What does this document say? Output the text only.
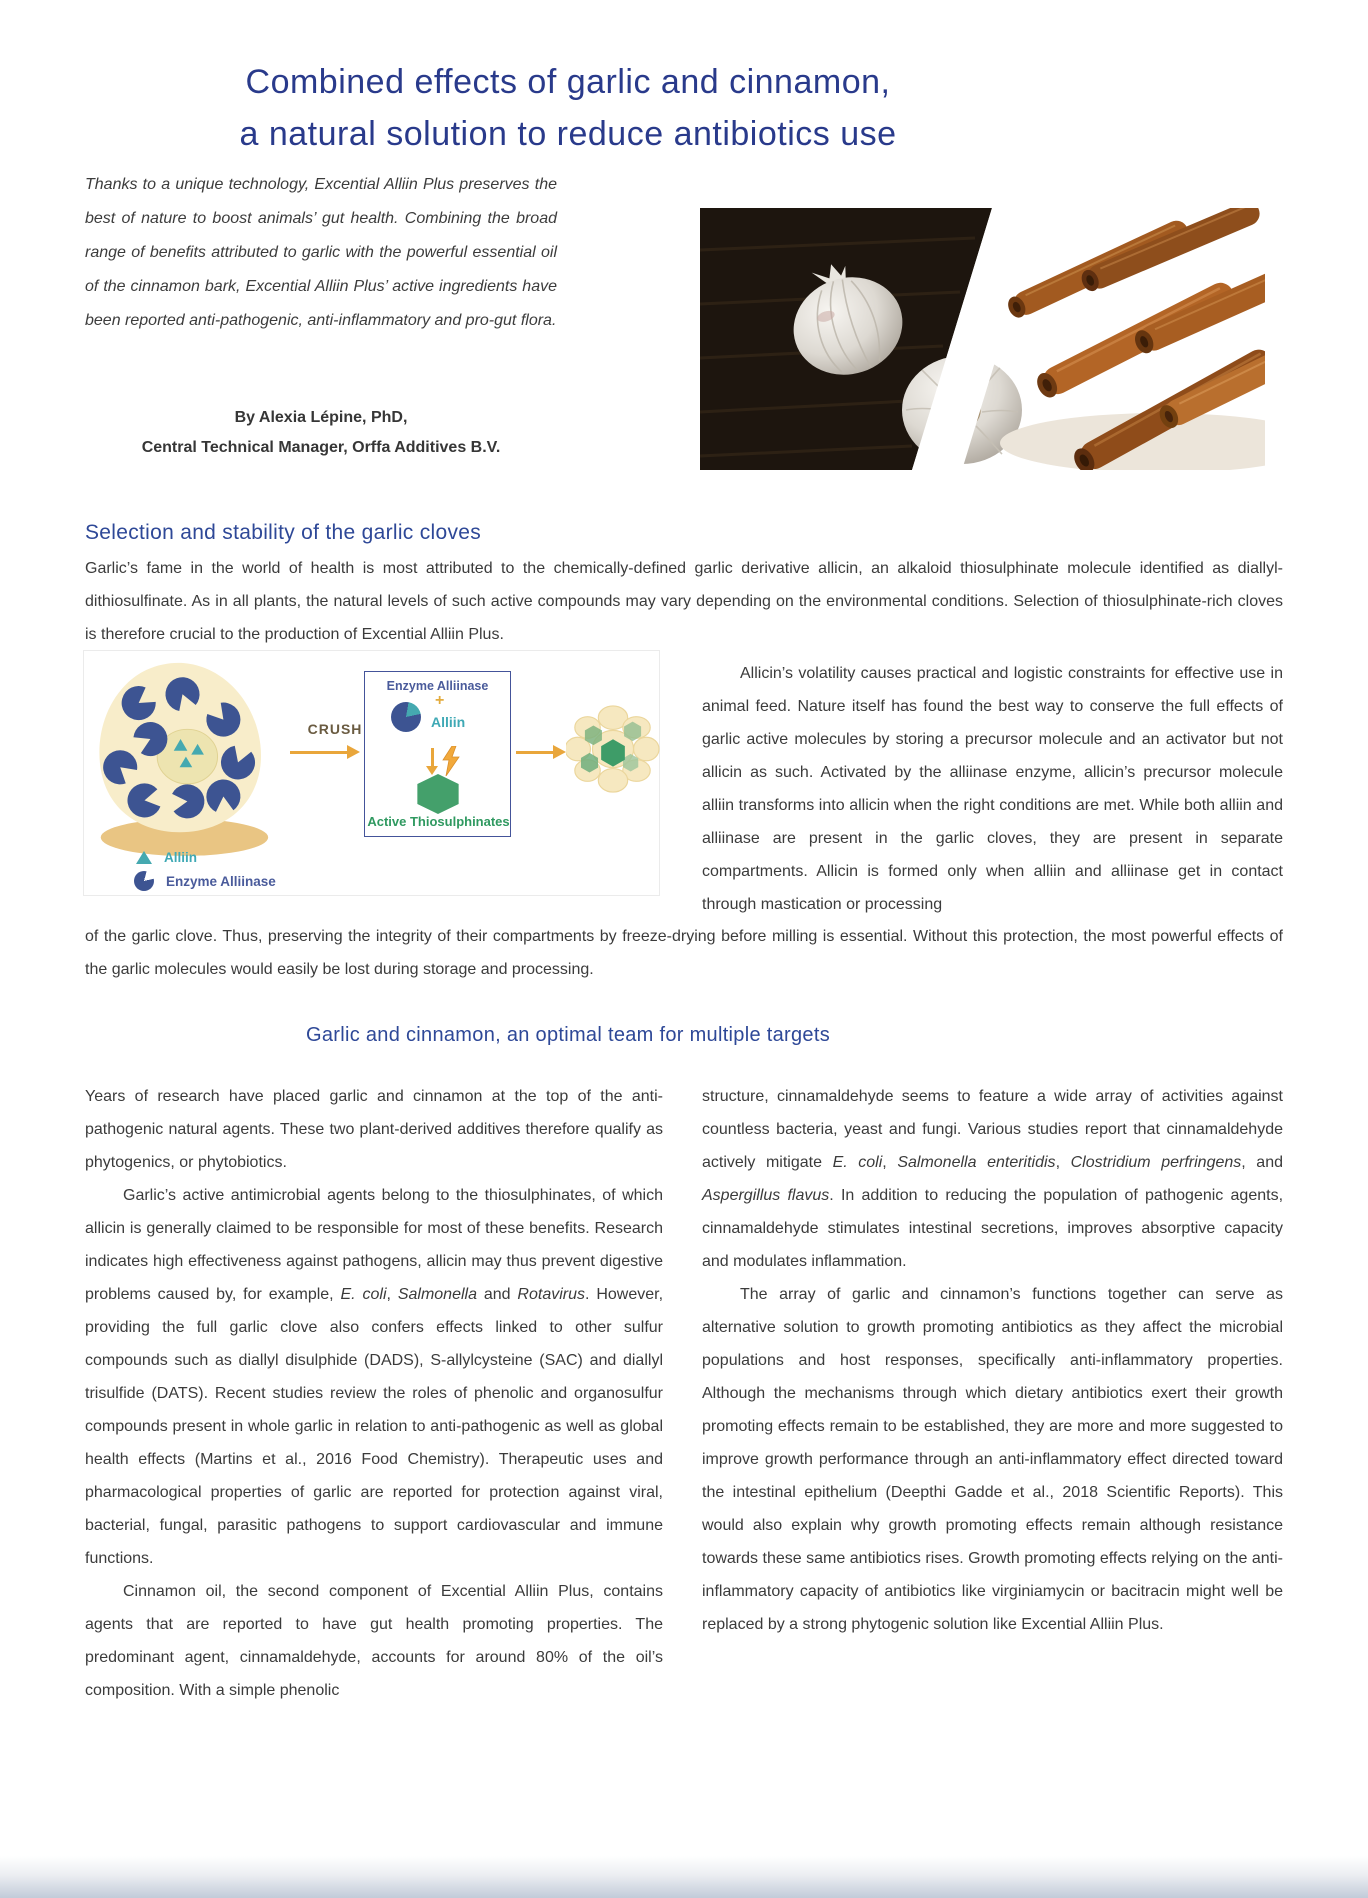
Combined effects of garlic and cinnamon,
a natural solution to reduce antibiotics use
Thanks to a unique technology, Excential Alliin Plus preserves the best of nature to boost animals’ gut health. Combining the broad range of benefits attributed to garlic with the powerful essential oil of the cinnamon bark, Excential Alliin Plus’ active ingredients have been reported anti-pathogenic, anti-inflammatory and pro-gut flora.
By Alexia Lépine, PhD,
Central Technical Manager, Orffa Additives B.V.
Selection and stability of the garlic cloves

Garlic’s fame in the world of health is most attributed to the chemically-defined garlic derivative allicin, an alkaloid thiosulphinate molecule identified as diallyl-dithiosulfinate. As in all plants, the natural levels of such active compounds may vary depending on the environmental conditions. Selection of thiosulphinate-rich cloves is therefore crucial to the production of Excential Alliin Plus.

CRUSH
Enzyme Alliinase
+
Alliin
Active Thiosulphinates
Alliin
Enzyme Alliinase

Allicin’s volatility causes practical and logistic constraints for effective use in animal feed. Nature itself has found the best way to conserve the full effects of garlic active molecules by storing a precursor molecule and an activator but not allicin as such. Activated by the alliinase enzyme, allicin’s precursor molecule alliin transforms into allicin when the right conditions are met. While both alliin and alliinase are present in the garlic cloves, they are present in separate compartments. Allicin is formed only when alliin and alliinase get in contact through mastication or processing

of the garlic clove. Thus, preserving the integrity of their compartments by freeze-drying before milling is essential. Without this protection, the most powerful effects of the garlic molecules would easily be lost during storage and processing.

Garlic and cinnamon, an optimal team for multiple targets

Years of research have placed garlic and cinnamon at the top of the anti-pathogenic natural agents. These two plant-derived additives therefore qualify as phytogenics, or phytobiotics.

Garlic’s active antimicrobial agents belong to the thiosulphinates, of which allicin is generally claimed to be responsible for most of these benefits. Research indicates high effectiveness against pathogens, allicin may thus prevent digestive problems caused by, for example, E. coli, Salmonella and Rotavirus. However, providing the full garlic clove also confers effects linked to other sulfur compounds such as diallyl disulphide (DADS), S-allylcysteine (SAC) and diallyl trisulfide (DATS). Recent studies review the roles of phenolic and organosulfur compounds present in whole garlic in relation to anti-pathogenic as well as global health effects (Martins et al., 2016 Food Chemistry). Therapeutic uses and pharmacological properties of garlic are reported for protection against viral, bacterial, fungal, parasitic pathogens to support cardiovascular and immune functions.

Cinnamon oil, the second component of Excential Alliin Plus, contains agents that are reported to have gut health promoting properties. The predominant agent, cinnamaldehyde, accounts for around 80% of the oil’s composition. With a simple phenolic

structure, cinnamaldehyde seems to feature a wide array of activities against countless bacteria, yeast and fungi. Various studies report that cinnamaldehyde actively mitigate E. coli, Salmonella enteritidis, Clostridium perfringens, and Aspergillus flavus. In addition to reducing the population of pathogenic agents, cinnamaldehyde stimulates intestinal secretions, improves absorptive capacity and modulates inflammation.

The array of garlic and cinnamon’s functions together can serve as alternative solution to growth promoting antibiotics as they affect the microbial populations and host responses, specifically anti-inflammatory properties. Although the mechanisms through which dietary antibiotics exert their growth promoting effects remain to be established, they are more and more suggested to improve growth performance through an anti-inflammatory effect directed toward the intestinal epithelium (Deepthi Gadde et al., 2018 Scientific Reports). This would also explain why growth promoting effects remain although resistance towards these same antibiotics rises. Growth promoting effects relying on the anti-inflammatory capacity of antibiotics like virginiamycin or bacitracin might well be replaced by a strong phytogenic solution like Excential Alliin Plus.
